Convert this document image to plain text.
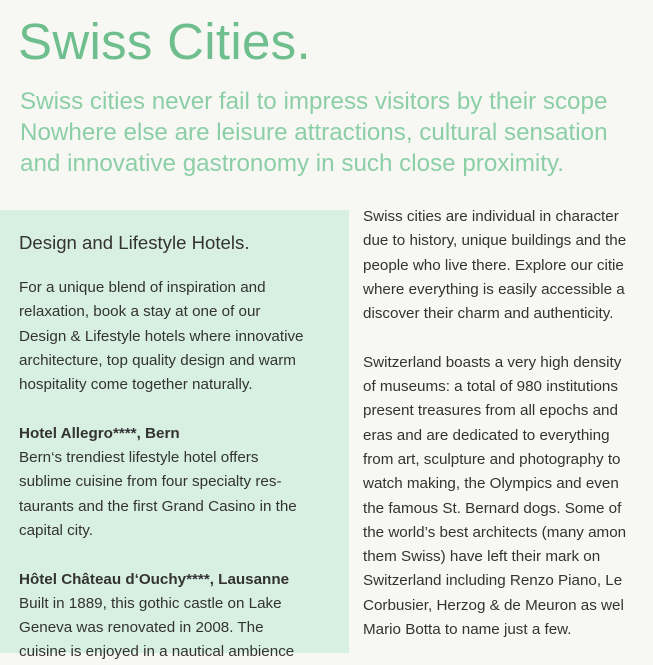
Swiss Cities.
Swiss cities never fail to impress visitors by their scope
Nowhere else are leisure attractions, cultural sensation
and innovative gastronomy in such close proximity.
Design and Lifestyle Hotels.
For a unique blend of inspiration and
relaxation, book a stay at one of our
Design & Lifestyle hotels where innovative
architecture, top quality design and warm
hospitality come together naturally.
Hotel Allegro****, Bern
Bern‘s trendiest lifestyle hotel offers
sublime cuisine from four specialty res-
taurants and the first Grand Casino in the
capital city.
Hôtel Château d‘Ouchy****, Lausanne
Built in 1889, this gothic castle on Lake
Geneva was renovated in 2008. The
cuisine is enjoyed in a nautical ambience
Swiss cities are individual in character
due to history, unique buildings and the
people who live there. Explore our citie
where everything is easily accessible a
discover their charm and authenticity.
Switzerland boasts a very high density
of museums: a total of 980 institutions
present treasures from all epochs and
eras and are dedicated to everything
from art, sculpture and photography to
watch making, the Olympics and even
the famous St. Bernard dogs. Some of
the world’s best architects (many amon
them Swiss) have left their mark on
Switzerland including Renzo Piano, Le
Corbusier, Herzog & de Meuron as wel
Mario Botta to name just a few.
